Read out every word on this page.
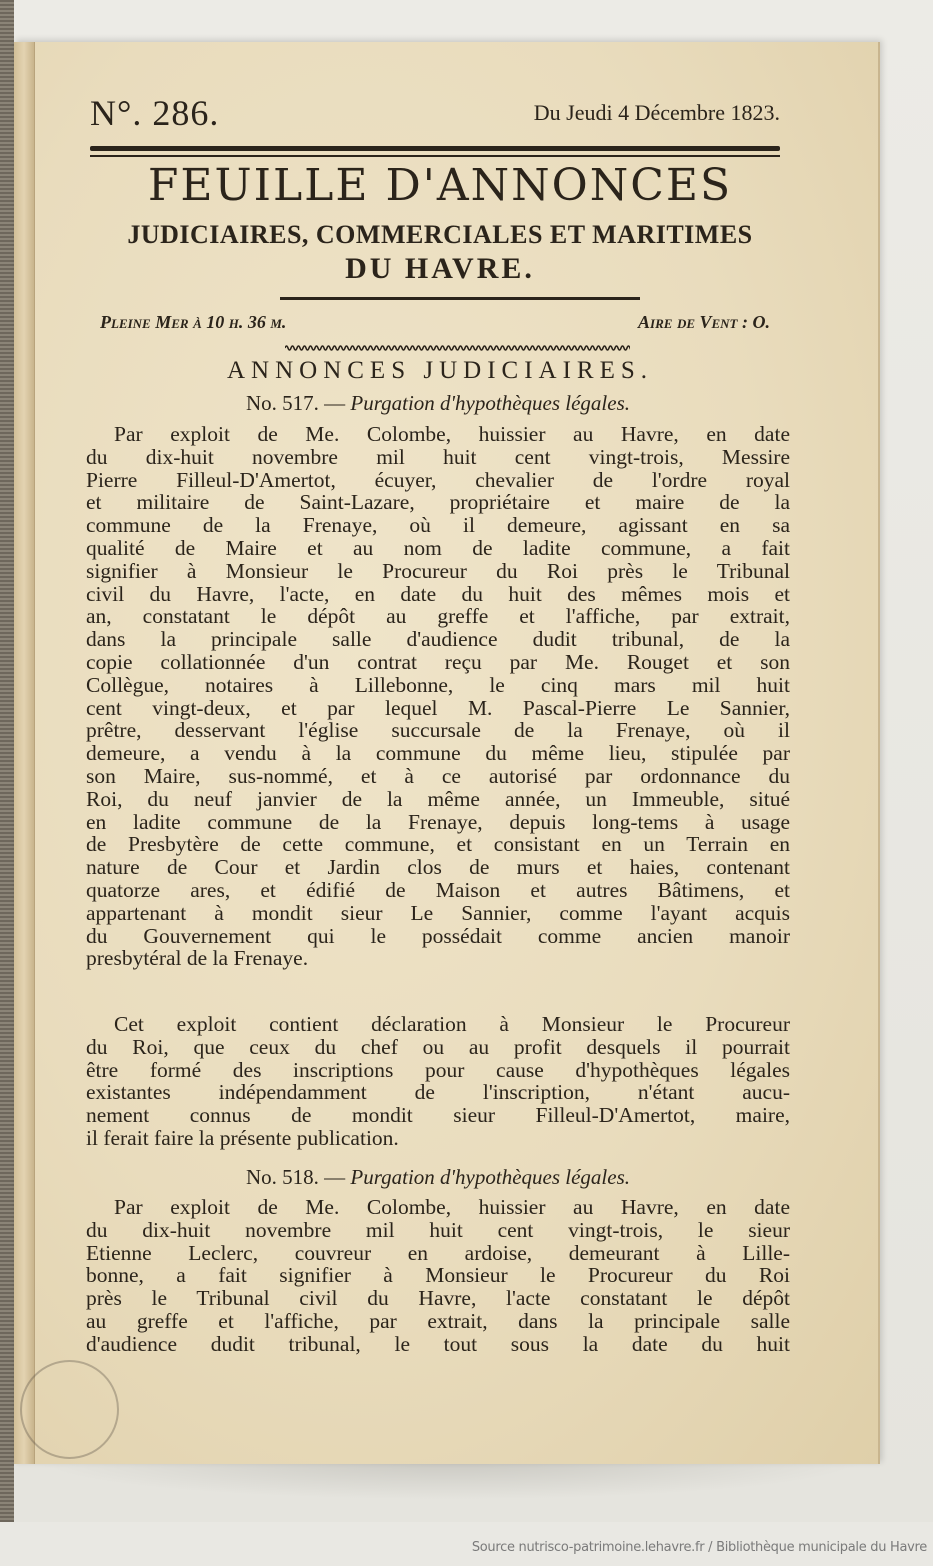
N°. 286.	Du Jeudi 4 Décembre 1823.
FEUILLE D'ANNONCES
JUDICIAIRES, COMMERCIALES ET MARITIMES
DU HAVRE.
Pleine Mer à 10 h. 36 m.	Aire de Vent : O.
ANNONCES JUDICIAIRES.
No. 517. — Purgation d'hypothèques légales.
Par exploit de Me. Colombe, huissier au Havre, en date
du dix-huit novembre mil huit cent vingt-trois, Messire
Pierre Filleul-D'Amertot, écuyer, chevalier de l'ordre royal
et militaire de Saint-Lazare, propriétaire et maire de la
commune de la Frenaye, où il demeure, agissant en sa
qualité de Maire et au nom de ladite commune, a fait
signifier à Monsieur le Procureur du Roi près le Tribunal
civil du Havre, l'acte, en date du huit des mêmes mois et
an, constatant le dépôt au greffe et l'affiche, par extrait,
dans la principale salle d'audience dudit tribunal, de la
copie collationnée d'un contrat reçu par Me. Rouget et son
Collègue, notaires à Lillebonne, le cinq mars mil huit
cent vingt-deux, et par lequel M. Pascal-Pierre Le Sannier,
prêtre, desservant l'église succursale de la Frenaye, où il
demeure, a vendu à la commune du même lieu, stipulée par
son Maire, sus-nommé, et à ce autorisé par ordonnance du
Roi, du neuf janvier de la même année, un Immeuble, situé
en ladite commune de la Frenaye, depuis long-tems à usage
de Presbytère de cette commune, et consistant en un Terrain en
nature de Cour et Jardin clos de murs et haies, contenant
quatorze ares, et édifié de Maison et autres Bâtimens, et
appartenant à mondit sieur Le Sannier, comme l'ayant acquis
du Gouvernement qui le possédait comme ancien manoir
presbytéral de la Frenaye.
Cet exploit contient déclaration à Monsieur le Procureur
du Roi, que ceux du chef ou au profit desquels il pourrait
être formé des inscriptions pour cause d'hypothèques légales
existantes indépendamment de l'inscription, n'étant aucu-
nement connus de mondit sieur Filleul-D'Amertot, maire,
il ferait faire la présente publication.
No. 518. — Purgation d'hypothèques légales.
Par exploit de Me. Colombe, huissier au Havre, en date
du dix-huit novembre mil huit cent vingt-trois, le sieur
Etienne Leclerc, couvreur en ardoise, demeurant à Lille-
bonne, a fait signifier à Monsieur le Procureur du Roi
près le Tribunal civil du Havre, l'acte constatant le dépôt
au greffe et l'affiche, par extrait, dans la principale salle
d'audience dudit tribunal, le tout sous la date du huit
Source nutrisco-patrimoine.lehavre.fr / Bibliothèque municipale du Havre
